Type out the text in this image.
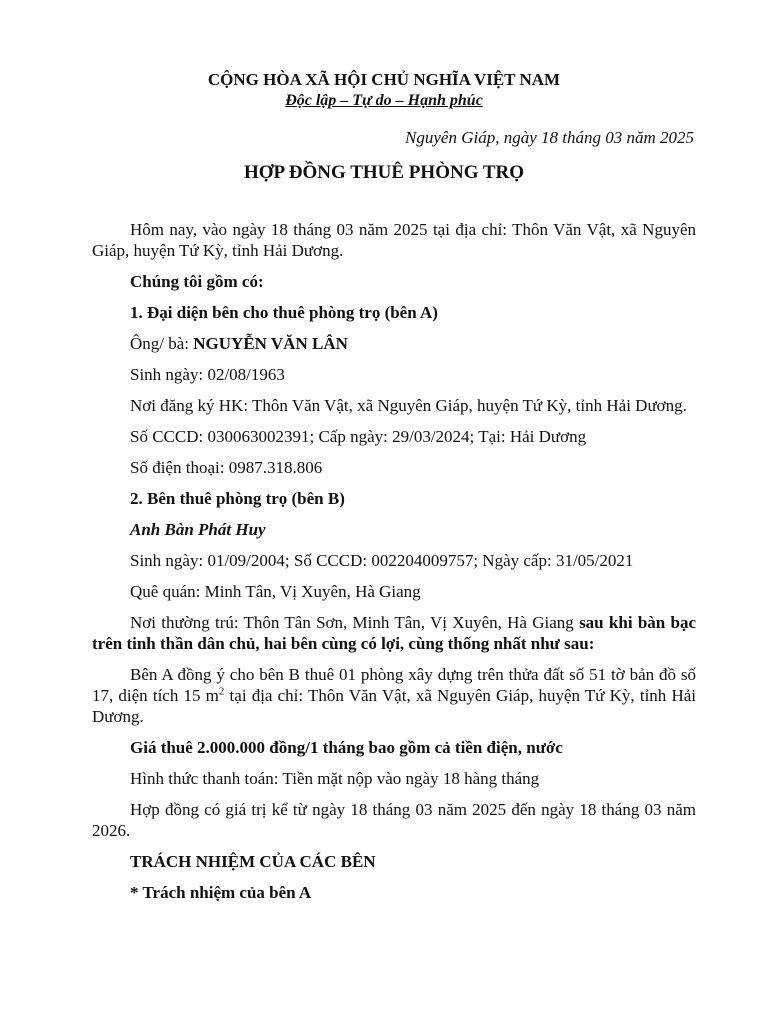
CỘNG HÒA XÃ HỘI CHỦ NGHĨA VIỆT NAM
Độc lập – Tự do – Hạnh phúc
Nguyên Giáp, ngày 18 tháng 03 năm 2025
HỢP ĐỒNG THUÊ PHÒNG TRỌ

Hôm nay, vào ngày 18 tháng 03 năm 2025 tại địa chỉ: Thôn Văn Vật, xã Nguyên Giáp, huyện Tứ Kỳ, tỉnh Hải Dương.

Chúng tôi gồm có:

1. Đại diện bên cho thuê phòng trọ (bên A)

Ông/ bà: NGUYỄN VĂN LÂN

Sinh ngày: 02/08/1963

Nơi đăng ký HK: Thôn Văn Vật, xã Nguyên Giáp, huyện Tứ Kỳ, tỉnh Hải Dương.

Số CCCD: 030063002391; Cấp ngày: 29/03/2024; Tại: Hải Dương

Số điện thoại: 0987.318.806

2. Bên thuê phòng trọ (bên B)

Anh Bàn Phát Huy

Sinh ngày: 01/09/2004; Số CCCD: 002204009757; Ngày cấp: 31/05/2021

Quê quán: Minh Tân, Vị Xuyên, Hà Giang

Nơi thường trú: Thôn Tân Sơn, Minh Tân, Vị Xuyên, Hà Giang sau khi bàn bạc trên tinh thần dân chủ, hai bên cùng có lợi, cùng thống nhất như sau:

Bên A đồng ý cho bên B thuê 01 phòng xây dựng trên thửa đất số 51 tờ bản đồ số 17, diện tích 15 $m^2$ tại địa chỉ: Thôn Văn Vật, xã Nguyên Giáp, huyện Tứ Kỳ, tỉnh Hải Dương.

Giá thuê 2.000.000 đồng/1 tháng bao gồm cả tiền điện, nước

Hình thức thanh toán: Tiền mặt nộp vào ngày 18 hàng tháng

Hợp đồng có giá trị kể từ ngày 18 tháng 03 năm 2025 đến ngày 18 tháng 03 năm 2026.

TRÁCH NHIỆM CỦA CÁC BÊN

* Trách nhiệm của bên A
